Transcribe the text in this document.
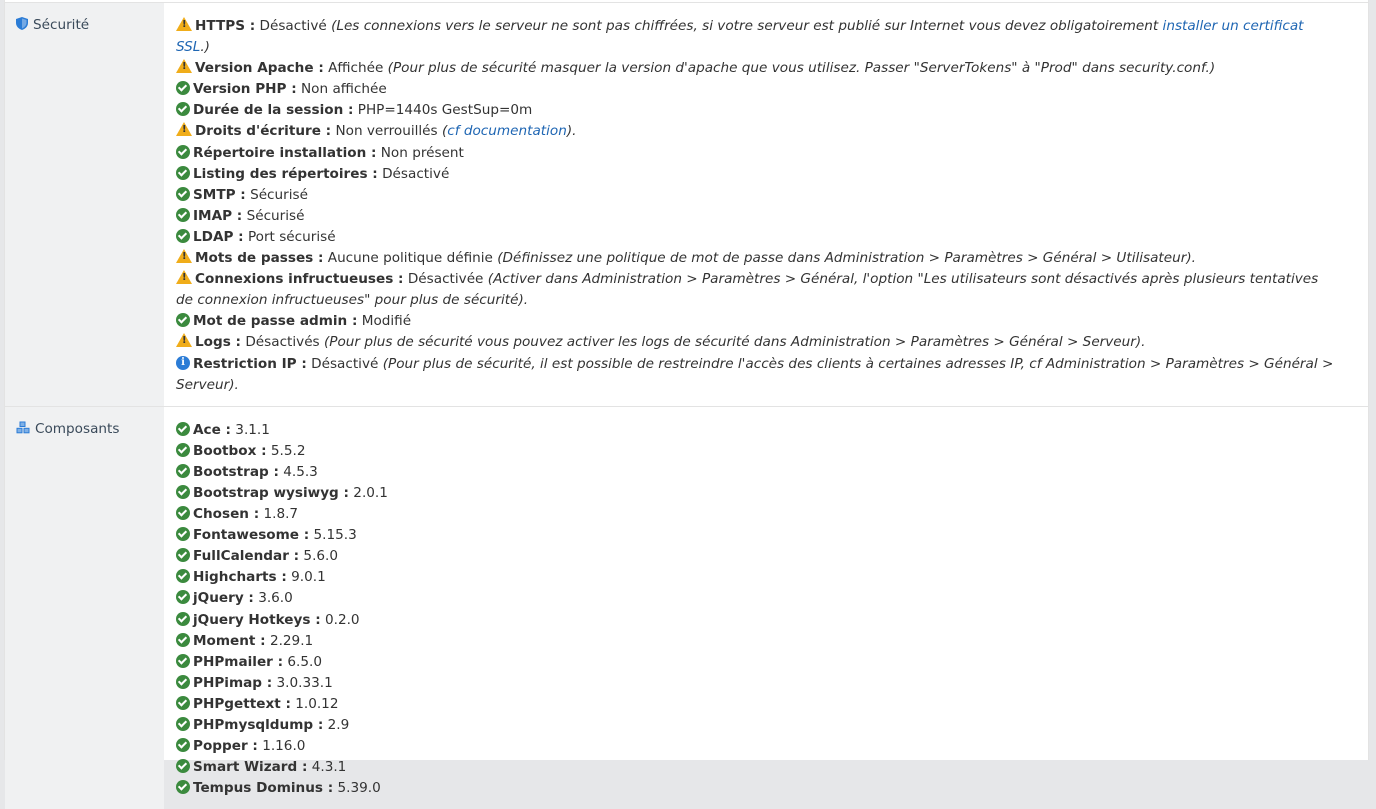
Sécurité
!	HTTPS : Désactivé (Les connexions vers le serveur ne sont pas chiffrées, si votre serveur est publié sur Internet vous devez obligatoirement installer un certificat SSL.)
!Version Apache : Affichée (Pour plus de sécurité masquer la version d'apache que vous utilisez. Passer "ServerTokens" à "Prod" dans security.conf.)
Version PHP : Non affichée
Durée de la session : PHP=1440s GestSup=0m
!Droits d'écriture : Non verrouillés (cf documentation).
Répertoire installation : Non présent
Listing des répertoires : Désactivé
SMTP : Sécurisé
IMAP : Sécurisé
LDAP : Port sécurisé
!Mots de passes : Aucune politique définie (Définissez une politique de mot de passe dans Administration > Paramètres > Général > Utilisateur).
!Connexions infructueuses : Désactivée (Activer dans Administration > Paramètres > Général, l'option "Les utilisateurs sont désactivés après plusieurs tentatives de connexion infructueuses" pour plus de sécurité).
Mot de passe admin : Modifié
!Logs : Désactivés (Pour plus de sécurité vous pouvez activer les logs de sécurité dans Administration > Paramètres > Général > Serveur).
iRestriction IP : Désactivé (Pour plus de sécurité, il est possible de restreindre l'accès des clients à certaines adresses IP, cf Administration > Paramètres > Général > Serveur).
Composants	Ace : 3.1.1
Bootbox : 5.5.2
Bootstrap : 4.5.3
Bootstrap wysiwyg : 2.0.1
Chosen : 1.8.7
Fontawesome : 5.15.3
FullCalendar : 5.6.0
Highcharts : 9.0.1
jQuery : 3.6.0
jQuery Hotkeys : 0.2.0
Moment : 2.29.1
PHPmailer : 6.5.0
PHPimap : 3.0.33.1
PHPgettext : 1.0.12
PHPmysqldump : 2.9
Popper : 1.16.0
Smart Wizard : 4.3.1
Tempus Dominus : 5.39.0
